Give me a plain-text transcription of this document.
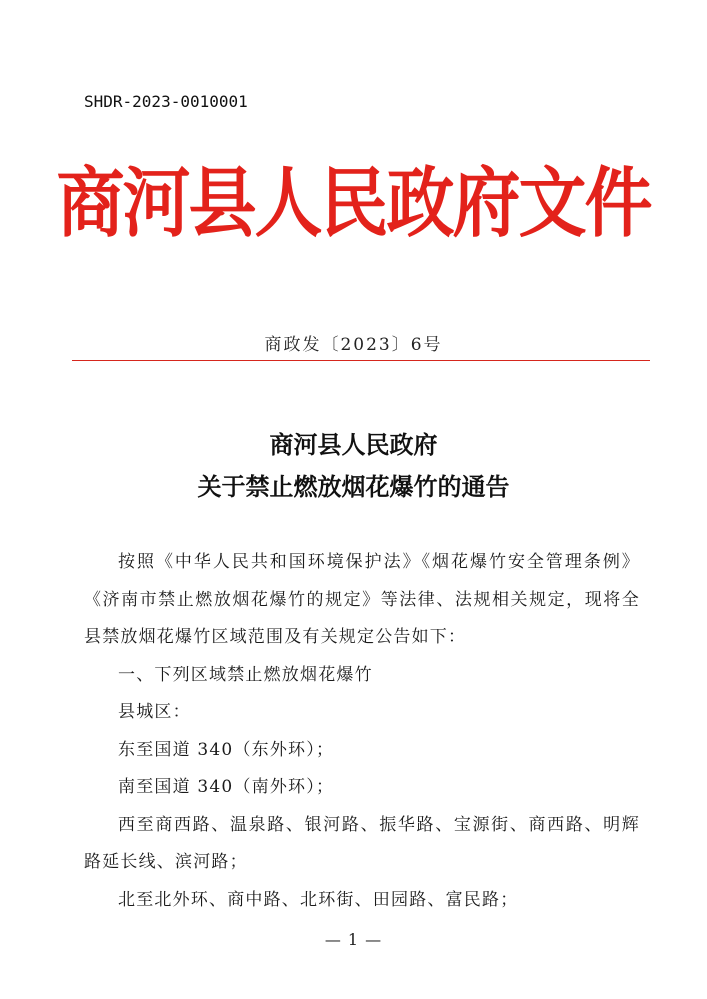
SHDR-2023-0010001
商河县人民政府文件
商政发〔2023〕6号
商河县人民政府
关于禁止燃放烟花爆竹的通告

按照《中华人民共和国环境保护法》《烟花爆竹安全管理条例》《济南市禁止燃放烟花爆竹的规定》等法律、法规相关规定，现将全县禁放烟花爆竹区域范围及有关规定公告如下：

一、下列区域禁止燃放烟花爆竹

县城区：

东至国道 340（东外环）；

南至国道 340（南外环）；

西至商西路、温泉路、银河路、振华路、宝源街、商西路、明辉路延长线、滨河路；

北至北外环、商中路、北环街、田园路、富民路；

— 1 —
